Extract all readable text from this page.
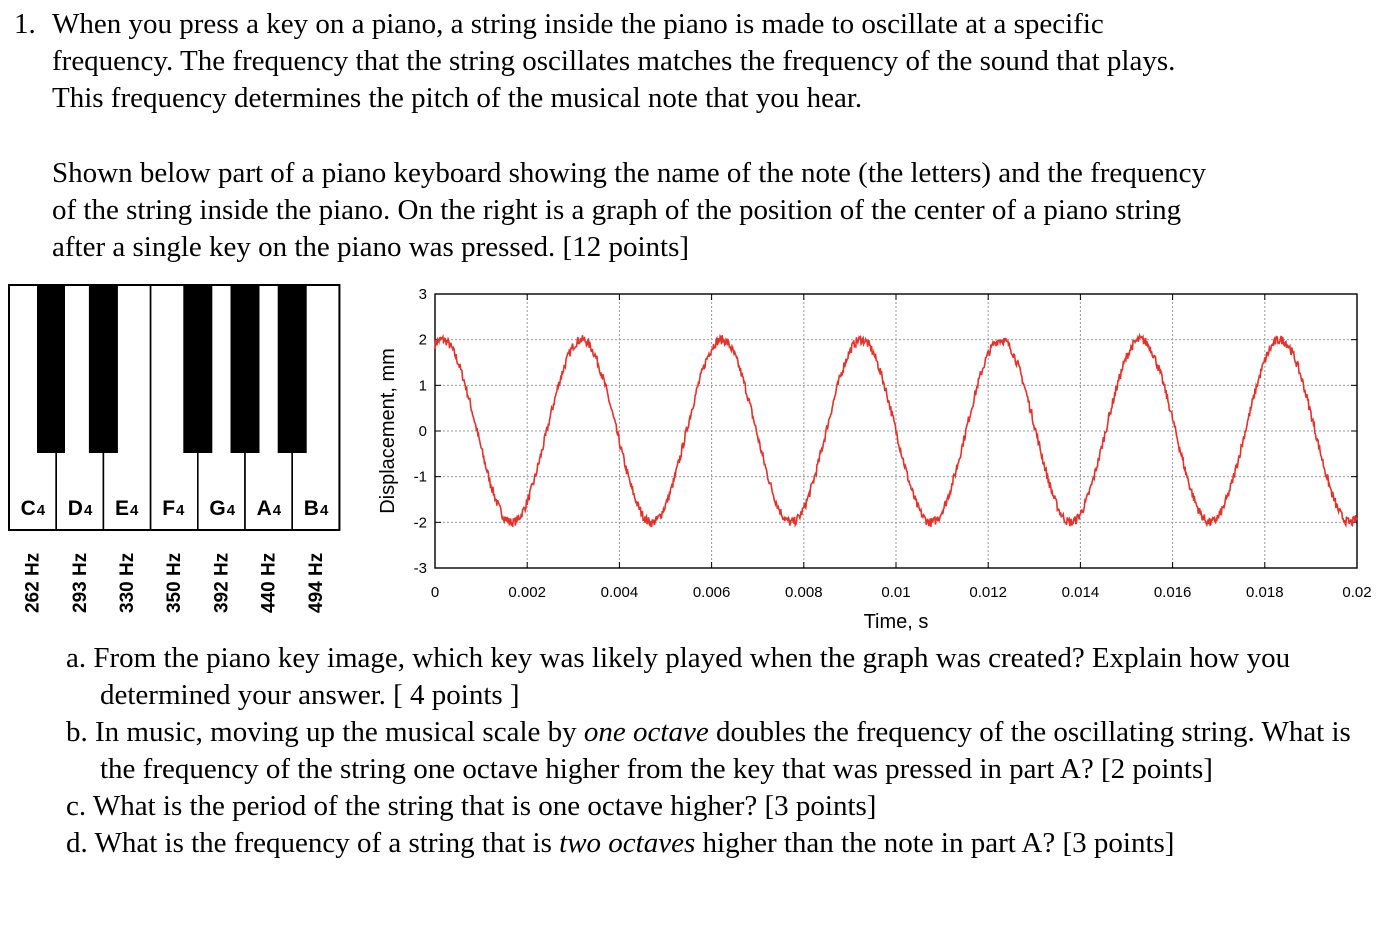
1. When you press a key on a piano, a string inside the piano is made to oscillate at a specific
frequency. The frequency that the string oscillates matches the frequency of the sound that plays.
This frequency determines the pitch of the musical note that you hear.
Shown below part of a piano keyboard showing the name of the note (the letters) and the frequency
of the string inside the piano. On the right is a graph of the position of the center of a piano string
after a single key on the piano was pressed. [12 points]
C4
262 Hz
D4
293 Hz
E4
330 Hz
F4
350 Hz
G4
392 Hz
A4
440 Hz
B4
494 Hz	0	0.002	0.004	0.006	0.008	0.01	0.012	0.014	0.016	0.018	0.02
-3
-2
-1
0
1
2
3
Time, s
Displacement, mm
a. From the piano key image, which key was likely played when the graph was created? Explain how you determined your answer. [ 4 points ]
b. In music, moving up the musical scale by one octave doubles the frequency of the oscillating string. What is the frequency of the string one octave higher from the key that was pressed in part A? [2 points]
c. What is the period of the string that is one octave higher? [3 points]
d. What is the frequency of a string that is two octaves higher than the note in part A? [3 points]
